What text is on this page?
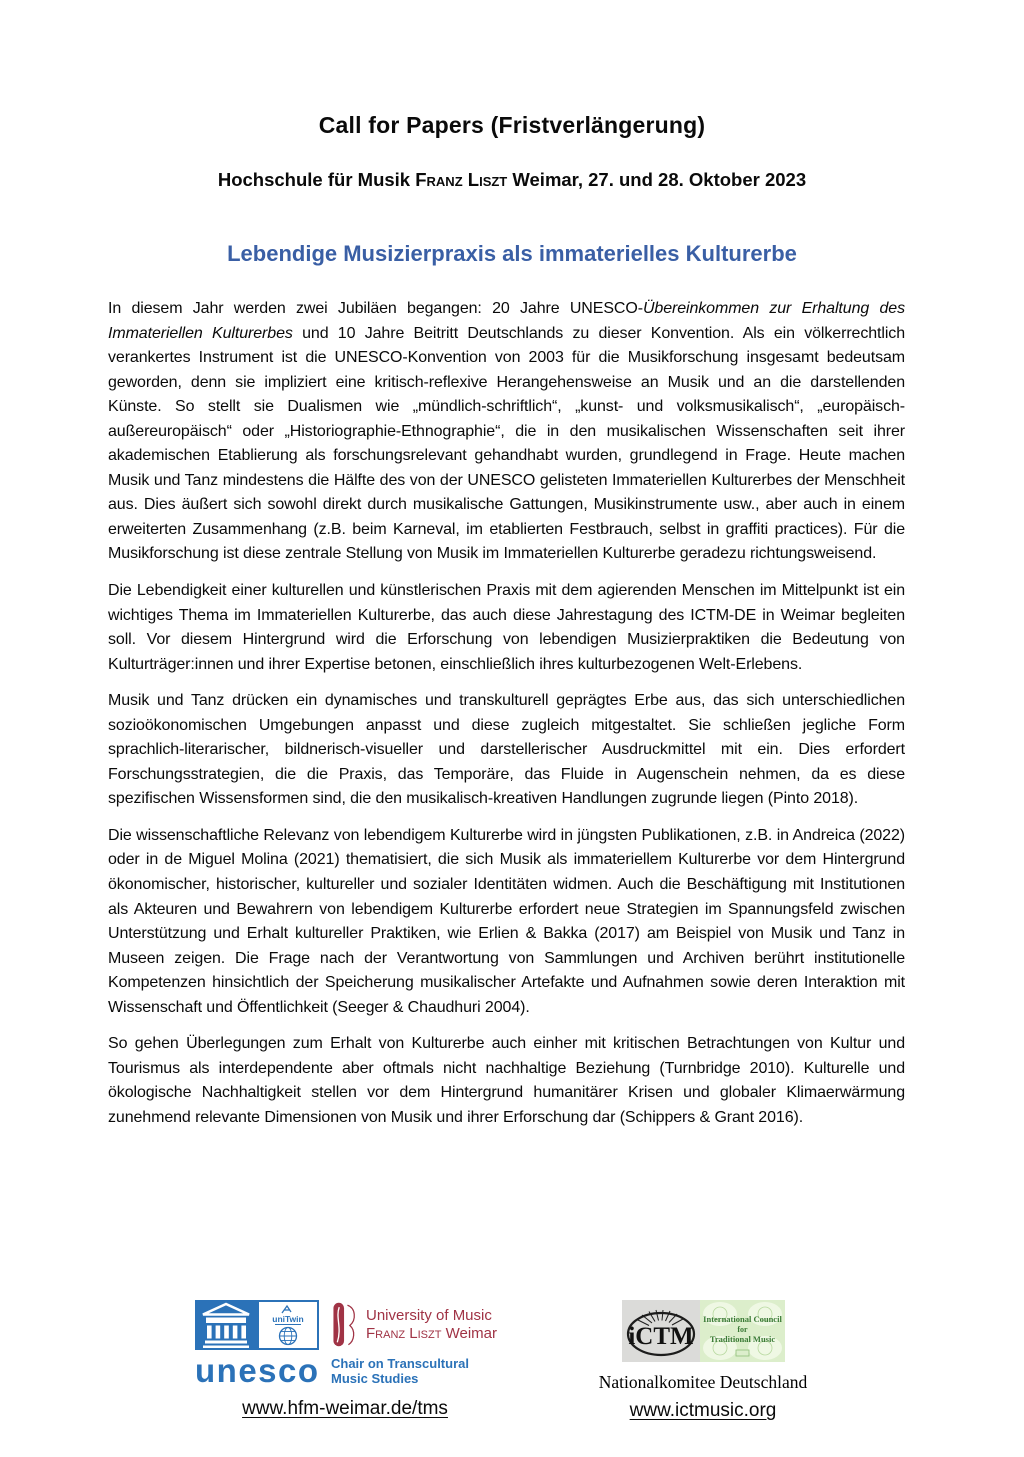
Call for Papers (Fristverlängerung)
Hochschule für Musik Franz Liszt Weimar, 27. und 28. Oktober 2023
Lebendige Musizierpraxis als immaterielles Kulturerbe

In diesem Jahr werden zwei Jubiläen begangen: 20 Jahre UNESCO-Übereinkommen zur Erhaltung des Immateriellen Kulturerbes und 10 Jahre Beitritt Deutschlands zu dieser Konvention. Als ein völkerrechtlich verankertes Instrument ist die UNESCO-Konvention von 2003 für die Musikforschung insgesamt bedeutsam geworden, denn sie impliziert eine kritisch-reflexive Herangehensweise an Musik und an die darstellenden Künste. So stellt sie Dualismen wie „mündlich-schriftlich“, „kunst- und volksmusikalisch“, „europäisch-außereuropäisch“ oder „Historiographie-Ethnographie“, die in den musikalischen Wissenschaften seit ihrer akademischen Etablierung als forschungsrelevant gehandhabt wurden, grundlegend in Frage. Heute machen Musik und Tanz mindestens die Hälfte des von der UNESCO gelisteten Immateriellen Kulturerbes der Menschheit aus. Dies äußert sich sowohl direkt durch musikalische Gattungen, Musikinstrumente usw., aber auch in einem erweiterten Zusammenhang (z.B. beim Karneval, im etablierten Festbrauch, selbst in graffiti practices). Für die Musikforschung ist diese zentrale Stellung von Musik im Immateriellen Kulturerbe geradezu richtungsweisend.

Die Lebendigkeit einer kulturellen und künstlerischen Praxis mit dem agierenden Menschen im Mittelpunkt ist ein wichtiges Thema im Immateriellen Kulturerbe, das auch diese Jahrestagung des ICTM-DE in Weimar begleiten soll. Vor diesem Hintergrund wird die Erforschung von lebendigen Musizierpraktiken die Bedeutung von Kulturträger:innen und ihrer Expertise betonen, einschließlich ihres kulturbezogenen Welt-Erlebens.

Musik und Tanz drücken ein dynamisches und transkulturell geprägtes Erbe aus, das sich unterschiedlichen sozioökonomischen Umgebungen anpasst und diese zugleich mitgestaltet. Sie schließen jegliche Form sprachlich-literarischer, bildnerisch-visueller und darstellerischer Ausdruckmittel mit ein. Dies erfordert Forschungsstrategien, die die Praxis, das Temporäre, das Fluide in Augenschein nehmen, da es diese spezifischen Wissensformen sind, die den musikalisch-kreativen Handlungen zugrunde liegen (Pinto 2018).

Die wissenschaftliche Relevanz von lebendigem Kulturerbe wird in jüngsten Publikationen, z.B. in Andreica (2022) oder in de Miguel Molina (2021) thematisiert, die sich Musik als immateriellem Kulturerbe vor dem Hintergrund ökonomischer, historischer, kultureller und sozialer Identitäten widmen. Auch die Beschäftigung mit Institutionen als Akteuren und Bewahrern von lebendigem Kulturerbe erfordert neue Strategien im Spannungsfeld zwischen Unterstützung und Erhalt kultureller Praktiken, wie Erlien & Bakka (2017) am Beispiel von Musik und Tanz in Museen zeigen. Die Frage nach der Verantwortung von Sammlungen und Archiven berührt institutionelle Kompetenzen hinsichtlich der Speicherung musikalischer Artefakte und Aufnahmen sowie deren Interaktion mit Wissenschaft und Öffentlichkeit (Seeger & Chaudhuri 2004).

So gehen Überlegungen zum Erhalt von Kulturerbe auch einher mit kritischen Betrachtungen von Kultur und Tourismus als interdependente aber oftmals nicht nachhaltige Beziehung (Turnbridge 2010). Kulturelle und ökologische Nachhaltigkeit stellen vor dem Hintergrund humanitärer Krisen und globaler Klimaerwärmung zunehmend relevante Dimensionen von Musik und ihrer Erforschung dar (Schippers & Grant 2016).

uniTwin	University of Music
Franz Liszt Weimar
unesco Chair on Transcultural
Music Studies
www.hfm-weimar.de/tms
iCTM
International Council
for
Traditional Music
Nationalkomitee Deutschland
www.ictmusic.org
